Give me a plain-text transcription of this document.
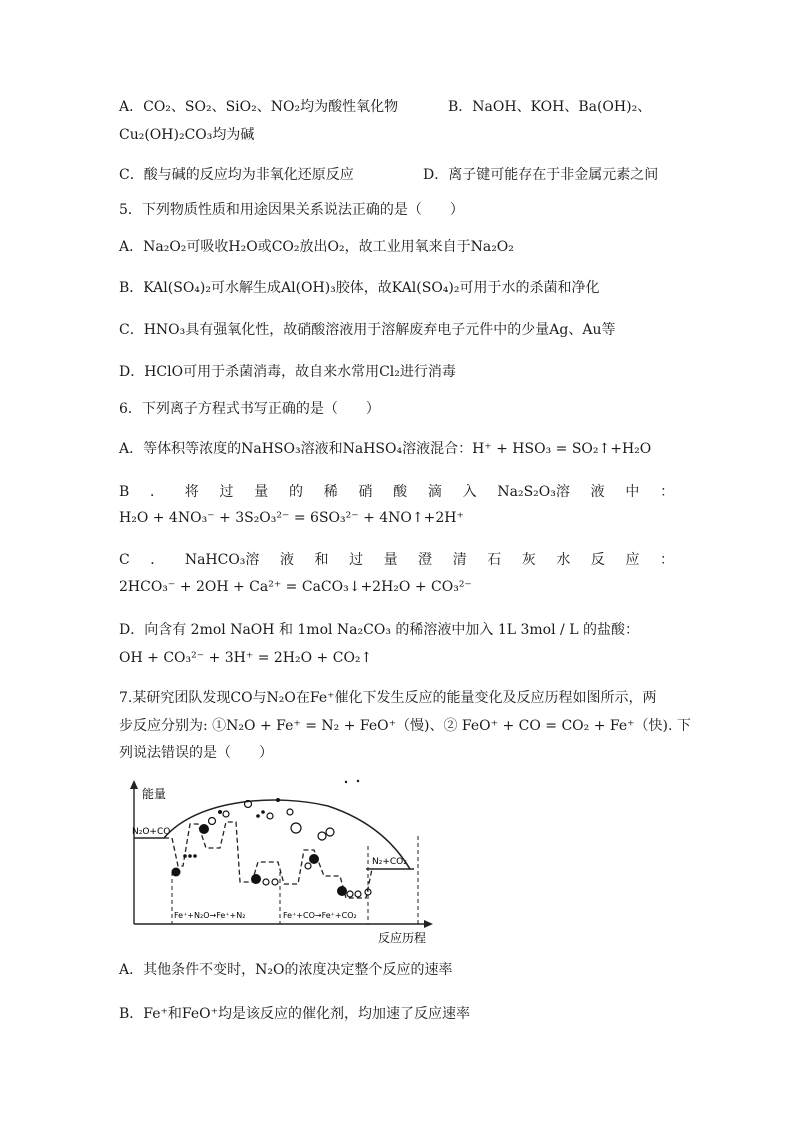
A．CO₂、SO₂、SiO₂、NO₂均为酸性氧化物	B．NaOH、KOH、Ba(OH)₂、
Cu₂(OH)₂CO₃均为碱
C．酸与碱的反应均为非氧化还原反应	D．离子键可能存在于非金属元素之间
5．下列物质性质和用途因果关系说法正确的是（　　）
A．Na₂O₂可吸收H₂O或CO₂放出O₂，故工业用氧来自于Na₂O₂
B．KAl(SO₄)₂可水解生成Al(OH)₃胶体，故KAl(SO₄)₂可用于水的杀菌和净化
C．HNO₃具有强氧化性，故硝酸溶液用于溶解废弃电子元件中的少量Ag、Au等
D．HClO可用于杀菌消毒，故自来水常用Cl₂进行消毒
6．下列离子方程式书写正确的是（　　）
A．等体积等浓度的NaHSO₃溶液和NaHSO₄溶液混合：H⁺ + HSO₃ = SO₂↑+H₂O
B ． 将 过 量 的 稀 硝 酸 滴 入 Na₂S₂O₃溶 液 中 ：
H₂O + 4NO₃⁻ + 3S₂O₃²⁻ = 6SO₃²⁻ + 4NO↑+2H⁺
C ． NaHCO₃溶 液 和 过 量 澄 清 石 灰 水 反 应 ：
2HCO₃⁻ + 2OH + Ca²⁺ = CaCO₃↓+2H₂O + CO₃²⁻
D．向含有 2mol NaOH 和 1mol Na₂CO₃ 的稀溶液中加入 1L 3mol / L 的盐酸：
OH + CO₃²⁻ + 3H⁺ = 2H₂O + CO₂↑
7.某研究团队发现CO与N₂O在Fe⁺催化下发生反应的能量变化及反应历程如图所示，两
步反应分别为: ①N₂O + Fe⁺ = N₂ + FeO⁺（慢)、② FeO⁺ + CO = CO₂ + Fe⁺（快). 下
列说法错误的是（　　）
能量
反应历程
N₂O+CO
N₂+CO₂
Fe⁺+N₂O→Fe⁺+N₂	Fe⁺+CO→Fe⁺+CO₂
A．其他条件不变时，N₂O的浓度决定整个反应的速率
B．Fe⁺和FeO⁺均是该反应的催化剂，均加速了反应速率
